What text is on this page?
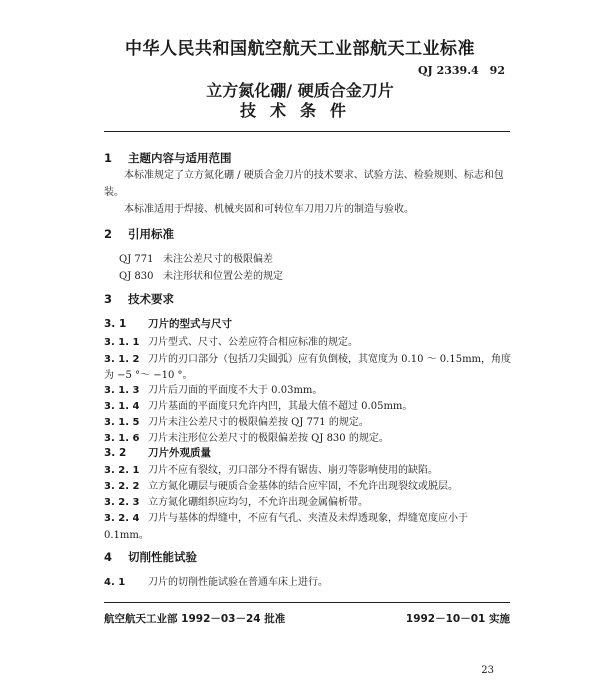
中华人民共和国航空航天工业部航天工业标准
QJ 2339.4　92
立方氮化硼/ 硬质合金刀片
技术条件
1 主题内容与适用范围
本标准规定了立方氮化硼 / 硬质合金刀片的技术要求、试验方法、检验规则、标志和包装。
本标准适用于焊接、机械夹固和可转位车刀用刀片的制造与验收。
2 引用标准
QJ 771 未注公差尺寸的极限偏差
QJ 830 未注形状和位置公差的规定
3 技术要求
3. 1 刀片的型式与尺寸
3. 1. 1 刀片型式、尺寸、公差应符合相应标准的规定。
3. 1. 2 刀片的刃口部分（包括刀尖圆弧）应有负倒棱，其宽度为 0.10 ～ 0.15mm，角度
为 −5 °～ −10 °。
3. 1. 3 刀片后刀面的平面度不大于 0.03mm。
3. 1. 4 刀片基面的平面度只允许内凹，其最大值不超过 0.05mm。
3. 1. 5 刀片未注公差尺寸的极限偏差按 QJ 771 的规定。
3. 1. 6 刀片未注形位公差尺寸的极限偏差按 QJ 830 的规定。
3. 2 刀片外观质量
3. 2. 1 刀片不应有裂纹，刃口部分不得有锯齿、崩刃等影响使用的缺陷。
3. 2. 2 立方氮化硼层与硬质合金基体的结合应牢固，不允许出现裂纹或脱层。
3. 2. 3 立方氮化硼组织应均匀，不允许出现金属偏析带。
3. 2. 4 刀片与基体的焊缝中，不应有气孔、夹渣及未焊透现象，焊缝宽度应小于
0.1mm。
4 切削性能试验
4. 1 刀片的切削性能试验在普通车床上进行。
航空航天工业部 1992－03－24 批准	1992－10－01 实施
23
